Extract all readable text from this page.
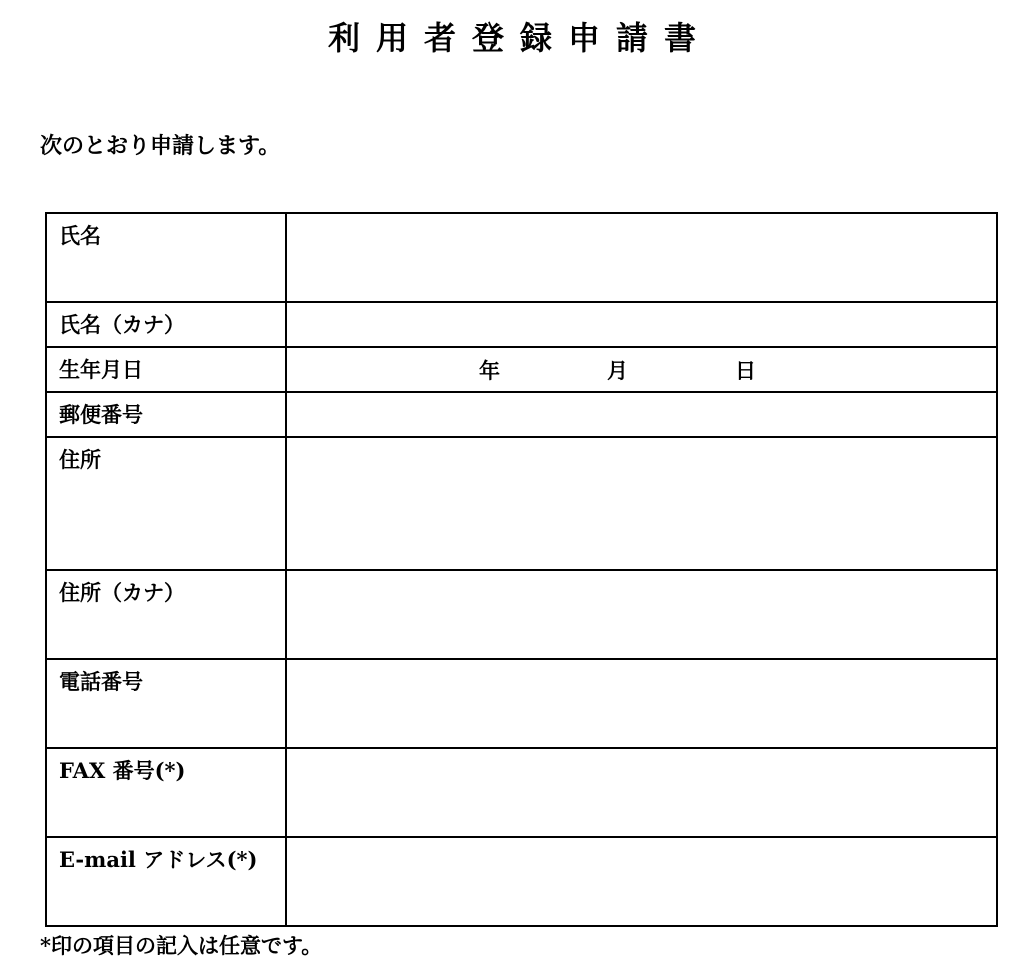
利用者登録申請書
次のとおり申請します。
氏名	
氏名（カナ）	
生年月日	年 月 日

郵便番号	
住所	
住所（カナ）	
電話番号	
FAX 番号(*)	
E-mail アドレス(*)	
*印の項目の記入は任意です。
